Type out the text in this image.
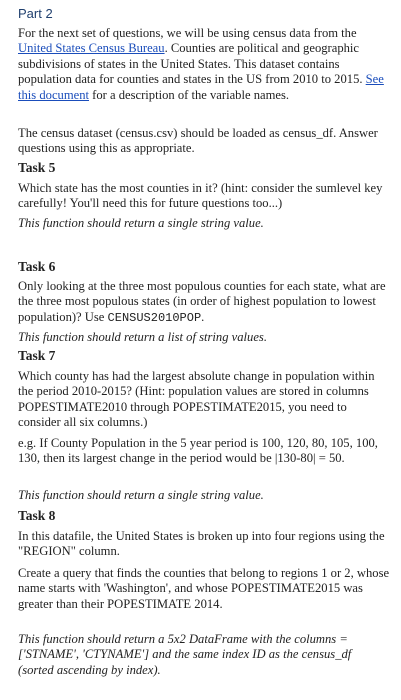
Part 2

For the next set of questions, we will be using census data from the United States Census Bureau. Counties are political and geographic subdivisions of states in the United States. This dataset contains population data for counties and states in the US from 2010 to 2015. See this document for a description of the variable names.

The census dataset (census.csv) should be loaded as census_df. Answer questions using this as appropriate.

Task 5

Which state has the most counties in it? (hint: consider the sumlevel key carefully! You'll need this for future questions too...)

This function should return a single string value.

Task 6

Only looking at the three most populous counties for each state, what are the three most populous states (in order of highest population to lowest population)? Use CENSUS2010POP.

This function should return a list of string values.

Task 7

Which county has had the largest absolute change in population within the period 2010-2015? (Hint: population values are stored in columns POPESTIMATE2010 through POPESTIMATE2015, you need to consider all six columns.)

e.g. If County Population in the 5 year period is 100, 120, 80, 105, 100, 130, then its largest change in the period would be |130-80| = 50.

This function should return a single string value.

Task 8

In this datafile, the United States is broken up into four regions using the "REGION" column.

Create a query that finds the counties that belong to regions 1 or 2, whose name starts with 'Washington', and whose POPESTIMATE2015 was greater than their POPESTIMATE 2014.

This function should return a 5x2 DataFrame with the columns = ['STNAME', 'CTYNAME'] and the same index ID as the census_df (sorted ascending by index).
